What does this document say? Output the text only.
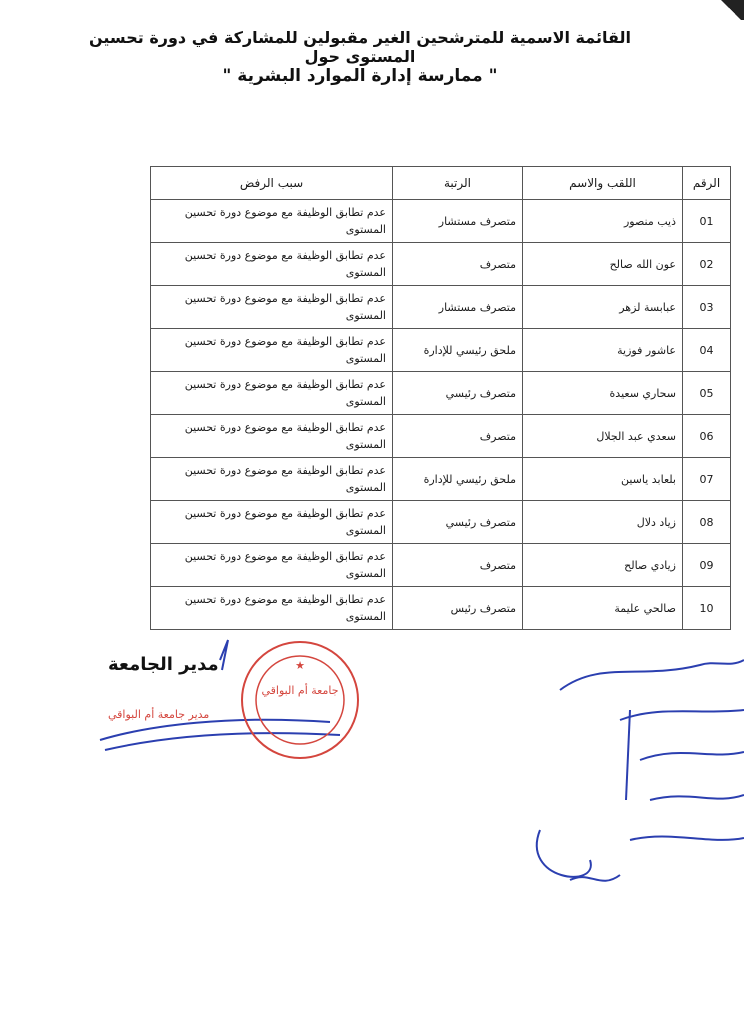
القائمة الاسمية للمترشحين الغير مقبولين للمشاركة في دورة تحسين المستوى حول
" ممارسة إدارة الموارد البشرية "
الرقم	اللقب والاسم	الرتبة	سبب الرفض
01	ذيب منصور	متصرف مستشار	عدم تطابق الوظيفة مع موضوع دورة تحسين المستوى
02	عون الله صالح	متصرف	عدم تطابق الوظيفة مع موضوع دورة تحسين المستوى
03	عبابسة لزهر	متصرف مستشار	عدم تطابق الوظيفة مع موضوع دورة تحسين المستوى
04	عاشور فوزية	ملحق رئيسي للإدارة	عدم تطابق الوظيفة مع موضوع دورة تحسين المستوى
05	سحاري سعيدة	متصرف رئيسي	عدم تطابق الوظيفة مع موضوع دورة تحسين المستوى
06	سعدي عبد الجلال	متصرف	عدم تطابق الوظيفة مع موضوع دورة تحسين المستوى
07	بلعابد ياسين	ملحق رئيسي للإدارة	عدم تطابق الوظيفة مع موضوع دورة تحسين المستوى
08	زياد دلال	متصرف رئيسي	عدم تطابق الوظيفة مع موضوع دورة تحسين المستوى
09	زيادي صالح	متصرف	عدم تطابق الوظيفة مع موضوع دورة تحسين المستوى
10	صالحي عليمة	متصرف رئيس	عدم تطابق الوظيفة مع موضوع دورة تحسين المستوى
مدير الجامعة
مدير جامعة أم البواقي
★
جامعة أم البواقي
